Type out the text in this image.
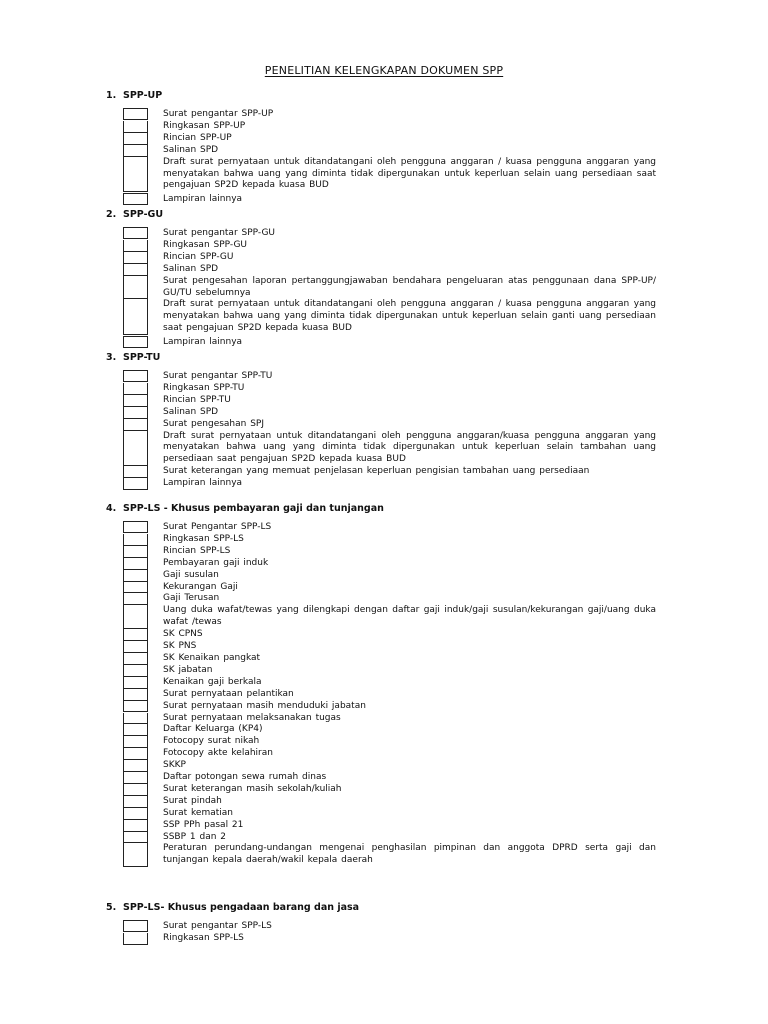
PENELITIAN KELENGKAPAN DOKUMEN SPP
1. SPP-UP
Surat pengantar SPP-UP
Ringkasan SPP-UP
Rincian SPP-UP
Salinan SPD
Draft surat pernyataan untuk ditandatangani oleh pengguna anggaran / kuasa pengguna anggaran yang menyatakan bahwa uang yang diminta tidak dipergunakan untuk keperluan selain uang persediaan saat pengajuan SP2D kepada kuasa BUD
Lampiran lainnya
2. SPP-GU
Surat pengantar SPP-GU
Ringkasan SPP-GU
Rincian SPP-GU
Salinan SPD
Surat pengesahan laporan pertanggungjawaban bendahara pengeluaran atas penggunaan dana SPP-UP/ GU/TU sebelumnya
Draft surat pernyataan untuk ditandatangani oleh pengguna anggaran / kuasa pengguna anggaran yang menyatakan bahwa uang yang diminta tidak dipergunakan untuk keperluan selain ganti uang persediaan saat pengajuan SP2D kepada kuasa BUD
Lampiran lainnya
3. SPP-TU
Surat pengantar SPP-TU
Ringkasan SPP-TU
Rincian SPP-TU
Salinan SPD
Surat pengesahan SPJ
Draft surat pernyataan untuk ditandatangani oleh pengguna anggaran/kuasa pengguna anggaran yang menyatakan bahwa uang yang diminta tidak dipergunakan untuk keperluan selain tambahan uang persediaan saat pengajuan SP2D kepada kuasa BUD
Surat keterangan yang memuat penjelasan keperluan pengisian tambahan uang persediaan
Lampiran lainnya
4. SPP-LS - Khusus pembayaran gaji dan tunjangan
Surat Pengantar SPP-LS
Ringkasan SPP-LS
Rincian SPP-LS
Pembayaran gaji induk
Gaji susulan
Kekurangan Gaji
Gaji Terusan
Uang duka wafat/tewas yang dilengkapi dengan daftar gaji induk/gaji susulan/kekurangan gaji/uang duka wafat /tewas
SK CPNS
SK PNS
SK Kenaikan pangkat
SK jabatan
Kenaikan gaji berkala
Surat pernyataan pelantikan
Surat pernyataan masih menduduki jabatan
Surat pernyataan melaksanakan tugas
Daftar Keluarga (KP4)
Fotocopy surat nikah
Fotocopy akte kelahiran
SKKP
Daftar potongan sewa rumah dinas
Surat keterangan masih sekolah/kuliah
Surat pindah
Surat kematian
SSP PPh pasal 21
SSBP 1 dan 2
Peraturan perundang-undangan mengenai penghasilan pimpinan dan anggota DPRD serta gaji dan tunjangan kepala daerah/wakil kepala daerah
5. SPP-LS- Khusus pengadaan barang dan jasa
Surat pengantar SPP-LS
Ringkasan SPP-LS
